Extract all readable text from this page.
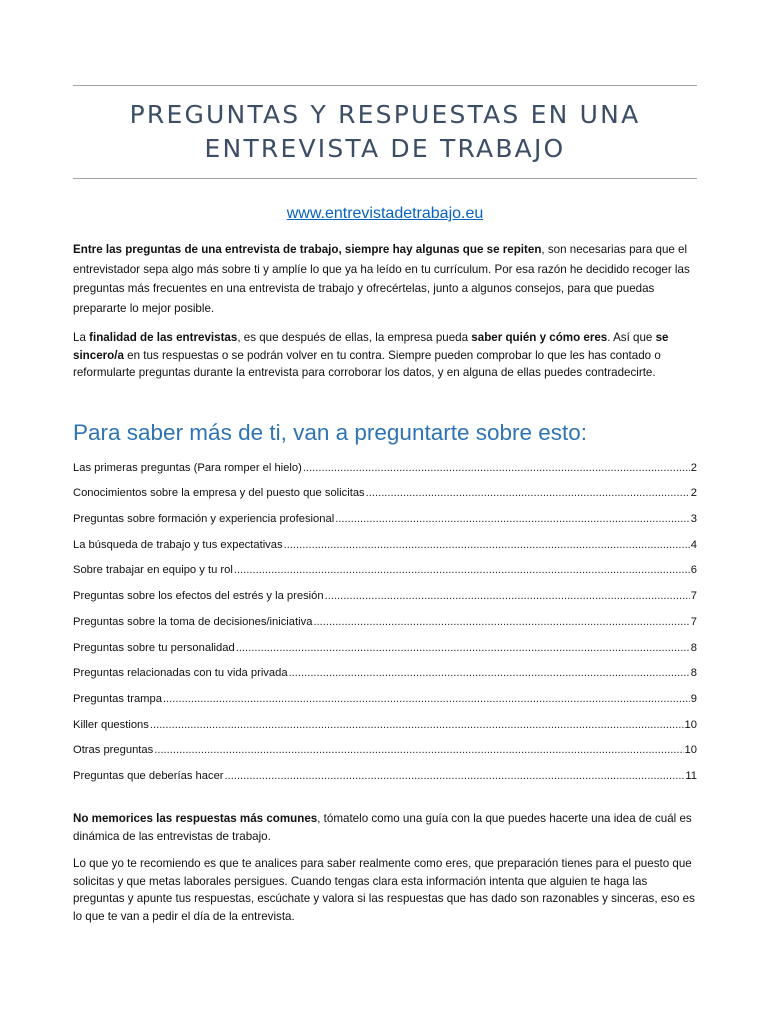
PREGUNTAS Y RESPUESTAS EN UNA ENTREVISTA DE TRABAJO
www.entrevistadetrabajo.eu

Entre las preguntas de una entrevista de trabajo, siempre hay algunas que se repiten, son necesarias para que el entrevistador sepa algo más sobre ti y amplíe lo que ya ha leído en tu currículum. Por esa razón he decidido recoger las preguntas más frecuentes en una entrevista de trabajo y ofrecértelas, junto a algunos consejos, para que puedas prepararte lo mejor posible.

La finalidad de las entrevistas, es que después de ellas, la empresa pueda saber quién y cómo eres. Así que se sincero/a en tus respuestas o se podrán volver en tu contra. Siempre pueden comprobar lo que les has contado o reformularte preguntas durante la entrevista para corroborar los datos, y en alguna de ellas puedes contradecirte.

Para saber más de ti, van a preguntarte sobre esto:
Las primeras preguntas (Para romper el hielo) .....	2
Conocimientos sobre la empresa y del puesto que solicitas .....	2
Preguntas sobre formación y experiencia profesional .....	3
La búsqueda de trabajo y tus expectativas .....	4
Sobre trabajar en equipo y tu rol .....	6
Preguntas sobre los efectos del estrés y la presión .....	7
Preguntas sobre la toma de decisiones/iniciativa .....	7
Preguntas sobre tu personalidad .....	8
Preguntas relacionadas con tu vida privada .....	8
Preguntas trampa .....	9
Killer questions .....	10
Otras preguntas .....	10
Preguntas que deberías hacer .....	11

No memorices las respuestas más comunes, tómatelo como una guía con la que puedes hacerte una idea de cuál es dinámica de las entrevistas de trabajo.

Lo que yo te recomiendo es que te analices para saber realmente como eres, que preparación tienes para el puesto que solicitas y que metas laborales persigues. Cuando tengas clara esta información intenta que alguien te haga las preguntas y apunte tus respuestas, escúchate y valora si las respuestas que has dado son razonables y sinceras, eso es lo que te van a pedir el día de la entrevista.
